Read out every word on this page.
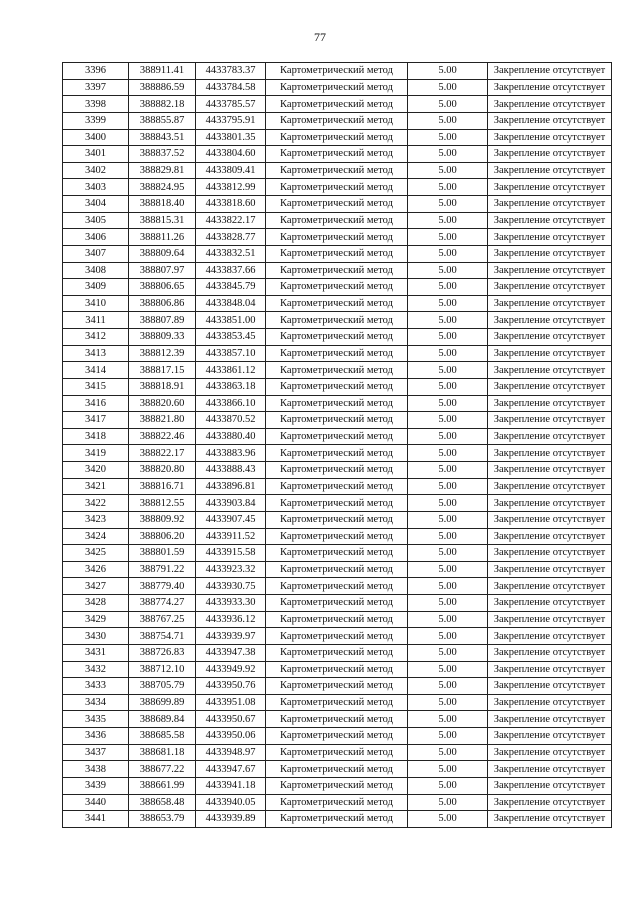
77
3396	388911.41	4433783.37	Картометрический метод	5.00	Закрепление отсутствует
3397	388886.59	4433784.58	Картометрический метод	5.00	Закрепление отсутствует
3398	388882.18	4433785.57	Картометрический метод	5.00	Закрепление отсутствует
3399	388855.87	4433795.91	Картометрический метод	5.00	Закрепление отсутствует
3400	388843.51	4433801.35	Картометрический метод	5.00	Закрепление отсутствует
3401	388837.52	4433804.60	Картометрический метод	5.00	Закрепление отсутствует
3402	388829.81	4433809.41	Картометрический метод	5.00	Закрепление отсутствует
3403	388824.95	4433812.99	Картометрический метод	5.00	Закрепление отсутствует
3404	388818.40	4433818.60	Картометрический метод	5.00	Закрепление отсутствует
3405	388815.31	4433822.17	Картометрический метод	5.00	Закрепление отсутствует
3406	388811.26	4433828.77	Картометрический метод	5.00	Закрепление отсутствует
3407	388809.64	4433832.51	Картометрический метод	5.00	Закрепление отсутствует
3408	388807.97	4433837.66	Картометрический метод	5.00	Закрепление отсутствует
3409	388806.65	4433845.79	Картометрический метод	5.00	Закрепление отсутствует
3410	388806.86	4433848.04	Картометрический метод	5.00	Закрепление отсутствует
3411	388807.89	4433851.00	Картометрический метод	5.00	Закрепление отсутствует
3412	388809.33	4433853.45	Картометрический метод	5.00	Закрепление отсутствует
3413	388812.39	4433857.10	Картометрический метод	5.00	Закрепление отсутствует
3414	388817.15	4433861.12	Картометрический метод	5.00	Закрепление отсутствует
3415	388818.91	4433863.18	Картометрический метод	5.00	Закрепление отсутствует
3416	388820.60	4433866.10	Картометрический метод	5.00	Закрепление отсутствует
3417	388821.80	4433870.52	Картометрический метод	5.00	Закрепление отсутствует
3418	388822.46	4433880.40	Картометрический метод	5.00	Закрепление отсутствует
3419	388822.17	4433883.96	Картометрический метод	5.00	Закрепление отсутствует
3420	388820.80	4433888.43	Картометрический метод	5.00	Закрепление отсутствует
3421	388816.71	4433896.81	Картометрический метод	5.00	Закрепление отсутствует
3422	388812.55	4433903.84	Картометрический метод	5.00	Закрепление отсутствует
3423	388809.92	4433907.45	Картометрический метод	5.00	Закрепление отсутствует
3424	388806.20	4433911.52	Картометрический метод	5.00	Закрепление отсутствует
3425	388801.59	4433915.58	Картометрический метод	5.00	Закрепление отсутствует
3426	388791.22	4433923.32	Картометрический метод	5.00	Закрепление отсутствует
3427	388779.40	4433930.75	Картометрический метод	5.00	Закрепление отсутствует
3428	388774.27	4433933.30	Картометрический метод	5.00	Закрепление отсутствует
3429	388767.25	4433936.12	Картометрический метод	5.00	Закрепление отсутствует
3430	388754.71	4433939.97	Картометрический метод	5.00	Закрепление отсутствует
3431	388726.83	4433947.38	Картометрический метод	5.00	Закрепление отсутствует
3432	388712.10	4433949.92	Картометрический метод	5.00	Закрепление отсутствует
3433	388705.79	4433950.76	Картометрический метод	5.00	Закрепление отсутствует
3434	388699.89	4433951.08	Картометрический метод	5.00	Закрепление отсутствует
3435	388689.84	4433950.67	Картометрический метод	5.00	Закрепление отсутствует
3436	388685.58	4433950.06	Картометрический метод	5.00	Закрепление отсутствует
3437	388681.18	4433948.97	Картометрический метод	5.00	Закрепление отсутствует
3438	388677.22	4433947.67	Картометрический метод	5.00	Закрепление отсутствует
3439	388661.99	4433941.18	Картометрический метод	5.00	Закрепление отсутствует
3440	388658.48	4433940.05	Картометрический метод	5.00	Закрепление отсутствует
3441	388653.79	4433939.89	Картометрический метод	5.00	Закрепление отсутствует
